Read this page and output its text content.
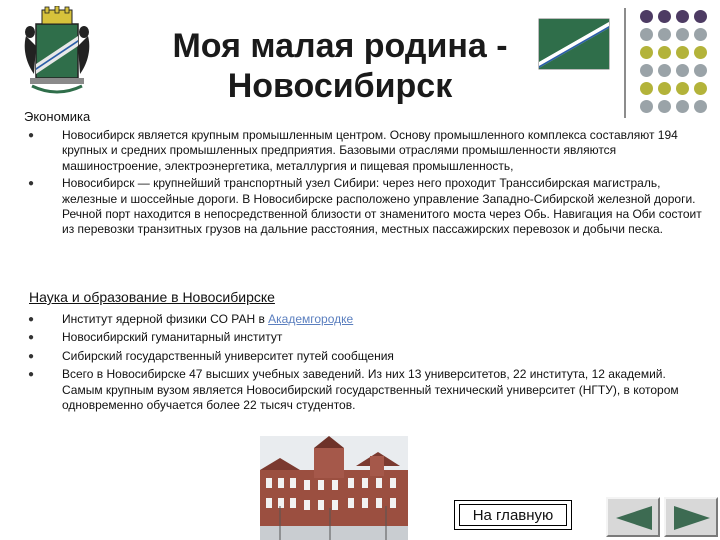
Моя малая родина - Новосибирск
Экономика
● Новосибирск является крупным промышленным центром. Основу промышленного комплекса составляют 194 крупных и средних промышленных предприятия. Базовыми отраслями промышленности являются машиностроение, электроэнергетика, металлургия и пищевая промышленность,
● Новосибирск — крупнейший транспортный узел Сибири: через него проходит Транссибирская магистраль, железные и шоссейные дороги. В Новосибирске расположено управление Западно-Сибирской железной дороги. Речной порт находится в непосредственной близости от знаменитого моста через Обь. Навигация на Оби состоит из перевозки транзитных грузов на дальние расстояния, местных пассажирских перевозок и добычи песка.
Наука и образование в Новосибирске
● Институт ядерной физики СО РАН в Академгородке
● Новосибирский гуманитарный институт
● Сибирский государственный университет путей сообщения
● Всего в Новосибирске 47 высших учебных заведений. Из них 13 университетов, 22 института, 12 академий. Самым крупным вузом является Новосибирский государственный технический университет (НГТУ), в котором одновременно обучается более 22 тысяч студентов.
На главную
